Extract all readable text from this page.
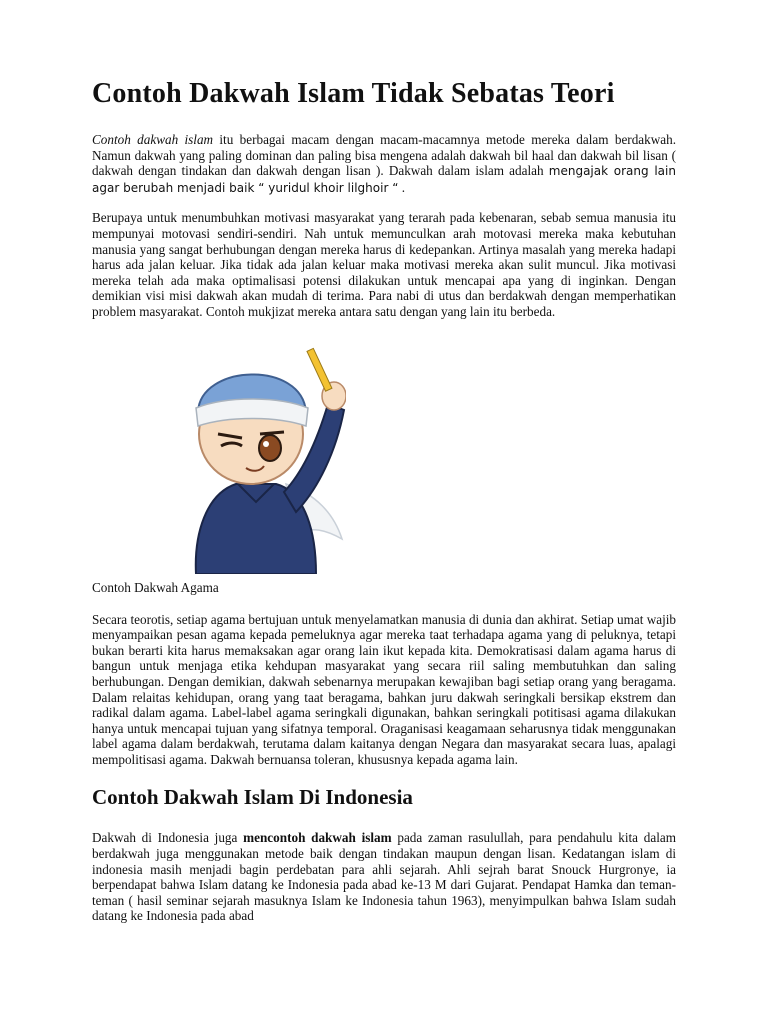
Contoh Dakwah Islam Tidak Sebatas Teori

Contoh dakwah islam itu berbagai macam dengan macam-macamnya metode mereka dalam berdakwah. Namun dakwah yang paling dominan dan paling bisa mengena adalah dakwah bil haal dan dakwah bil lisan ( dakwah dengan tindakan dan dakwah dengan lisan ). Dakwah dalam islam adalah mengajak orang lain agar berubah menjadi baik “ yuridul khoir lilghoir “ .

Berupaya untuk menumbuhkan motivasi masyarakat yang terarah pada kebenaran, sebab semua manusia itu mempunyai motovasi sendiri-sendiri. Nah untuk memunculkan arah motovasi mereka maka kebutuhan manusia yang sangat berhubungan dengan mereka harus di kedepankan. Artinya masalah yang mereka hadapi harus ada jalan keluar. Jika tidak ada jalan keluar maka motivasi mereka akan sulit muncul. Jika motivasi mereka telah ada maka optimalisasi potensi dilakukan untuk mencapai apa yang di inginkan. Dengan demikian visi misi dakwah akan mudah di terima. Para nabi di utus dan berdakwah dengan memperhatikan problem masyarakat. Contoh mukjizat mereka antara satu dengan yang lain itu berbeda.

Contoh Dakwah Agama

Secara teorotis, setiap agama bertujuan untuk menyelamatkan manusia di dunia dan akhirat. Setiap umat wajib menyampaikan pesan agama kepada pemeluknya agar mereka taat terhadapa agama yang di peluknya, tetapi bukan berarti kita harus memaksakan agar orang lain ikut kepada kita. Demokratisasi dalam agama harus di bangun untuk menjaga etika kehdupan masyarakat yang secara riil saling membutuhkan dan saling berhubungan. Dengan demikian, dakwah sebenarnya merupakan kewajiban bagi setiap orang yang beragama. Dalam relaitas kehidupan, orang yang taat beragama, bahkan juru dakwah seringkali bersikap ekstrem dan radikal dalam agama. Label-label agama seringkali digunakan, bahkan seringkali potitisasi agama dilakukan hanya untuk mencapai tujuan yang sifatnya temporal. Oraganisasi keagamaan seharusnya tidak menggunakan label agama dalam berdakwah, terutama dalam kaitanya dengan Negara dan masyarakat secara luas, apalagi mempolitisasi agama. Dakwah bernuansa toleran, khususnya kepada agama lain.

Contoh Dakwah Islam Di Indonesia

Dakwah di Indonesia juga mencontoh dakwah islam pada zaman rasulullah, para pendahulu kita dalam berdakwah juga menggunakan metode baik dengan tindakan maupun dengan lisan. Kedatangan islam di indonesia masih menjadi bagin perdebatan para ahli sejarah. Ahli sejrah barat Snouck Hurgronye, ia berpendapat bahwa Islam datang ke Indonesia pada abad ke-13 M dari Gujarat. Pendapat Hamka dan teman-teman ( hasil seminar sejarah masuknya Islam ke Indonesia tahun 1963), menyimpulkan bahwa Islam sudah datang ke Indonesia pada abad
